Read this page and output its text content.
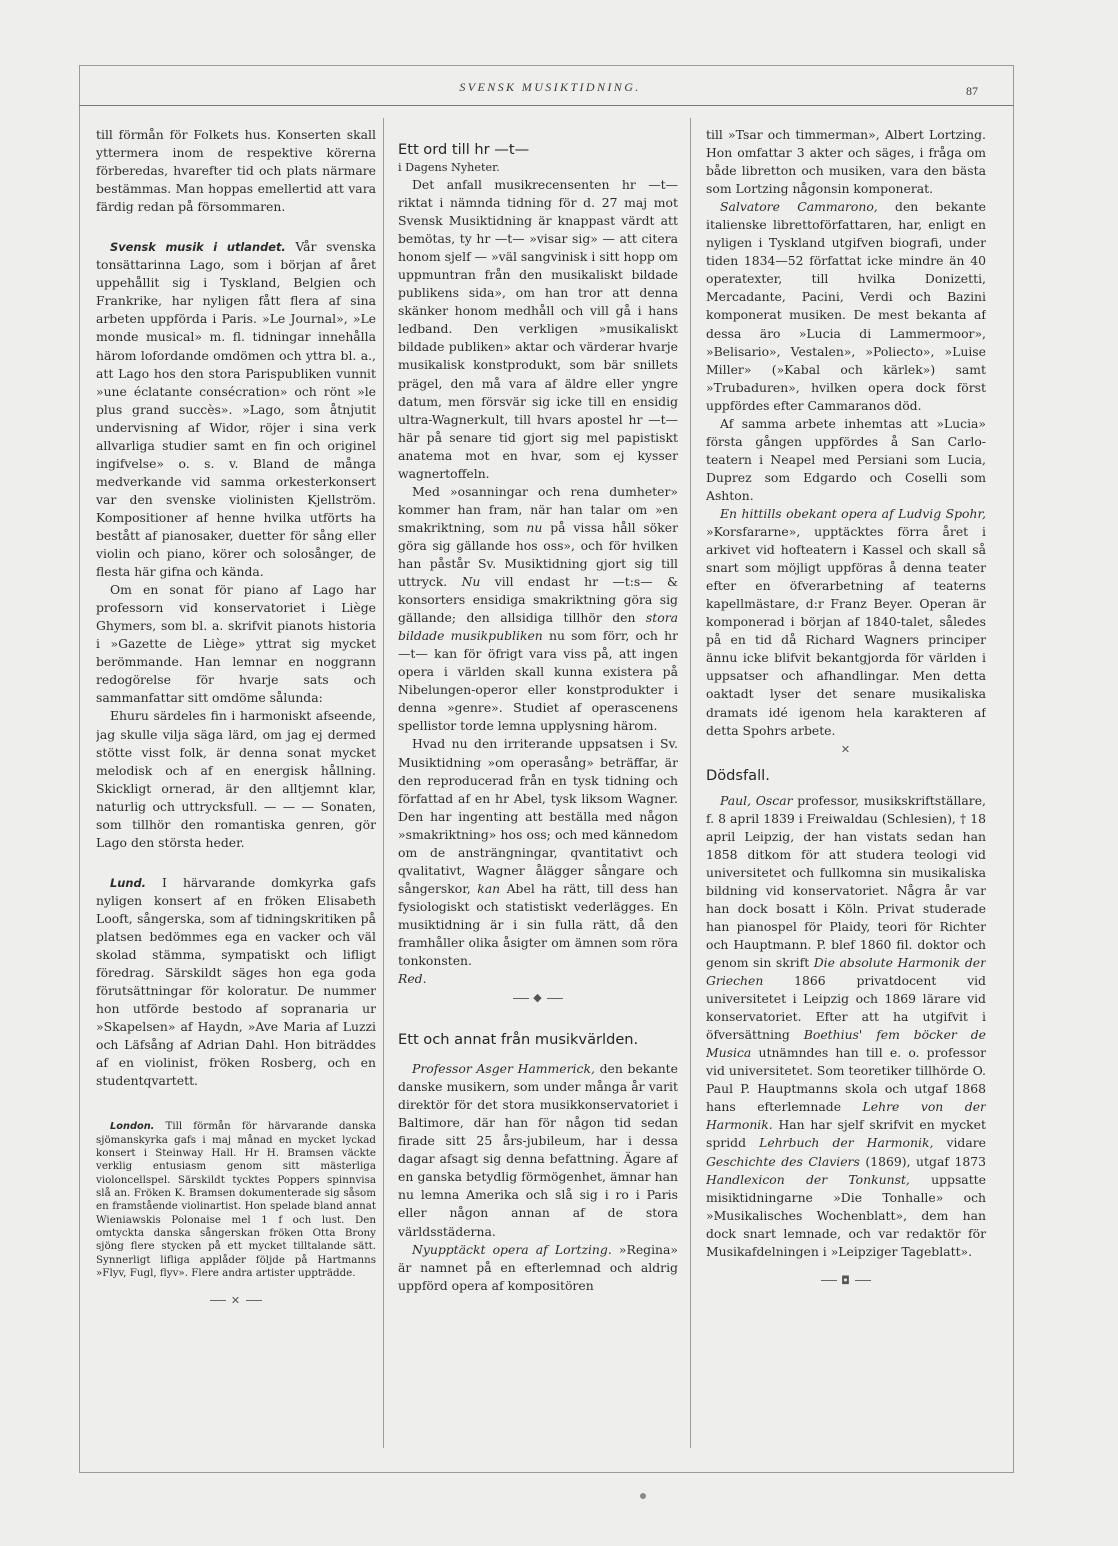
SVENSK MUSIKTIDNING.	87

till förmån för Folkets hus. Konserten skall yttermera inom de respektive körerna förberedas, hvarefter tid och plats närmare bestämmas. Man hoppas emellertid att vara färdig redan på försommaren.

Svensk musik i utlandet. Vår svenska tonsättarinna Lago, som i början af året uppehållit sig i Tyskland, Belgien och Frankrike, har nyligen fått flera af sina arbeten uppförda i Paris. »Le Journal», »Le monde musical» m. fl. tidningar innehålla härom lofordande omdömen och yttra bl. a., att Lago hos den stora Parispubliken vunnit »une éclatante consécration» och rönt »le plus grand succès». »Lago, som åtnjutit undervisning af Widor, röjer i sina verk allvarliga studier samt en fin och originel ingifvelse» o. s. v. Bland de många medverkande vid samma orkesterkonsert var den svenske violinisten Kjellström. Kompositioner af henne hvilka utförts ha bestått af pianosaker, duetter för sång eller violin och piano, körer och solosånger, de flesta här gifna och kända.

Om en sonat för piano af Lago har professorn vid konservatoriet i Liège Ghymers, som bl. a. skrifvit pianots historia i »Gazette de Liège» yttrat sig mycket berömmande. Han lemnar en noggrann redogörelse för hvarje sats och sammanfattar sitt omdöme sålunda:

Ehuru särdeles fin i harmoniskt afseende, jag skulle vilja säga lärd, om jag ej dermed stötte visst folk, är denna sonat mycket melodisk och af en energisk hållning. Skickligt ornerad, är den alltjemnt klar, naturlig och uttrycksfull. — — — Sonaten, som tillhör den romantiska genren, gör Lago den största heder.

Lund. I härvarande domkyrka gafs nyligen konsert af en fröken Elisabeth Looft, sångerska, som af tidningskritiken på platsen bedömmes ega en vacker och väl skolad stämma, sympatiskt och lifligt föredrag. Särskildt säges hon ega goda förutsättningar för koloratur. De nummer hon utförde bestodo af sopranaria ur »Skapelsen» af Haydn, »Ave Maria af Luzzi och Läfsång af Adrian Dahl. Hon biträddes af en violinist, fröken Rosberg, och en studentqvartett.

London. Till förmån för härvarande danska sjömanskyrka gafs i maj månad en mycket lyckad konsert i Steinway Hall. Hr H. Bramsen väckte verklig entusiasm genom sitt mästerliga violoncellspel. Särskildt tycktes Poppers spinnvisa slå an. Fröken K. Bramsen dokumenterade sig såsom en framstående violinartist. Hon spelade bland annat Wieniawskis Polonaise mel 1 f och lust. Den omtyckta danska sångerskan fröken Otta Brony sjöng flere stycken på ett mycket tilltalande sätt. Synnerligt lifliga applåder följde på Hartmanns »Flyv, Fugl, flyv». Flere andra artister uppträdde.

✕

Ett ord till hr —t—

i Dagens Nyheter.

Det anfall musikrecensenten hr —t— riktat i nämnda tidning för d. 27 maj mot Svensk Musiktidning är knappast värdt att bemötas, ty hr —t— »visar sig» — att citera honom sjelf — »väl sangvinisk i sitt hopp om uppmuntran från den musikaliskt bildade publikens sida», om han tror att denna skänker honom medhåll och vill gå i hans ledband. Den verkligen »musikaliskt bildade publiken» aktar och värderar hvarje musikalisk konstprodukt, som bär snillets prägel, den må vara af äldre eller yngre datum, men försvär sig icke till en ensidig ultra-Wagnerkult, till hvars apostel hr —t— här på senare tid gjort sig mel papistiskt anatema mot en hvar, som ej kysser wagnertoffeln.

Med »osanningar och rena dumheter» kommer han fram, när han talar om »en smakriktning, som nu på vissa håll söker göra sig gällande hos oss», och för hvilken han påstår Sv. Musiktidning gjort sig till uttryck. Nu vill endast hr —t:s— & konsorters ensidiga smakriktning göra sig gällande; den allsidiga tillhör den stora bildade musikpubliken nu som förr, och hr —t— kan för öfrigt vara viss på, att ingen opera i världen skall kunna existera på Nibelungen-operor eller konstprodukter i denna »genre». Studiet af operascenens spellistor torde lemna upplysning härom.

Hvad nu den irriterande uppsatsen i Sv. Musiktidning »om operasång» beträffar, är den reproducerad från en tysk tidning och författad af en hr Abel, tysk liksom Wagner. Den har ingenting att beställa med någon »smakriktning» hos oss; och med kännedom om de ansträngningar, qvantitativt och qvalitativt, Wagner ålägger sångare och sångerskor, kan Abel ha rätt, till dess han fysiologiskt och statistiskt vederlägges. En musiktidning är i sin fulla rätt, då den framhåller olika åsigter om ämnen som röra tonkonsten.

Red.

◆

Ett och annat från musikvärlden.

Professor Asger Hammerick, den bekante danske musikern, som under många år varit direktör för det stora musikkonservatoriet i Baltimore, där han för någon tid sedan firade sitt 25 års-jubileum, har i dessa dagar afsagt sig denna befattning. Ägare af en ganska betydlig förmögenhet, ämnar han nu lemna Amerika och slå sig i ro i Paris eller någon annan af de stora världsstäderna.

Nyupptäckt opera af Lortzing. »Regina» är namnet på en efterlemnad och aldrig uppförd opera af kompositören

till »Tsar och timmerman», Albert Lortzing. Hon omfattar 3 akter och säges, i fråga om både libretton och musiken, vara den bästa som Lortzing någonsin komponerat.

Salvatore Cammarono, den bekante italienske librettoförfattaren, har, enligt en nyligen i Tyskland utgifven biografi, under tiden 1834—52 författat icke mindre än 40 operatexter, till hvilka Donizetti, Mercadante, Pacini, Verdi och Bazini komponerat musiken. De mest bekanta af dessa äro »Lucia di Lammermoor», »Belisario», Vestalen», »Poliecto», »Luise Miller» (»Kabal och kärlek») samt »Trubaduren», hvilken opera dock först uppfördes efter Cammaranos död.

Af samma arbete inhemtas att »Lucia» första gången uppfördes å San Carlo-teatern i Neapel med Persiani som Lucia, Duprez som Edgardo och Coselli som Ashton.

En hittills obekant opera af Ludvig Spohr, »Korsfararne», upptäcktes förra året i arkivet vid hofteatern i Kassel och skall så snart som möjligt uppföras å denna teater efter en öfverarbetning af teaterns kapellmästare, d:r Franz Beyer. Operan är komponerad i början af 1840-talet, således på en tid då Richard Wagners principer ännu icke blifvit bekantgjorda för världen i uppsatser och afhandlingar. Men detta oaktadt lyser det senare musikaliska dramats idé igenom hela karakteren af detta Spohrs arbete.

✕

Dödsfall.

Paul, Oscar professor, musikskriftställare, f. 8 april 1839 i Freiwaldau (Schlesien), † 18 april Leipzig, der han vistats sedan han 1858 ditkom för att studera teologi vid universitetet och fullkomna sin musikaliska bildning vid konservatoriet. Några år var han dock bosatt i Köln. Privat studerade han pianospel för Plaidy, teori för Richter och Hauptmann. P. blef 1860 fil. doktor och genom sin skrift Die absolute Harmonik der Griechen 1866 privatdocent vid universitetet i Leipzig och 1869 lärare vid konservatoriet. Efter att ha utgifvit i öfversättning Boethius' fem böcker de Musica utnämndes han till e. o. professor vid universitetet. Som teoretiker tillhörde O. Paul P. Hauptmanns skola och utgaf 1868 hans efterlemnade Lehre von der Harmonik. Han har sjelf skrifvit en mycket spridd Lehrbuch der Harmonik, vidare Geschichte des Claviers (1869), utgaf 1873 Handlexicon der Tonkunst, uppsatte misiktidningarne »Die Tonhalle» och »Musikalisches Wochenblatt», dem han dock snart lemnade, och var redaktör för Musikafdelningen i »Leipziger Tageblatt».

◘
